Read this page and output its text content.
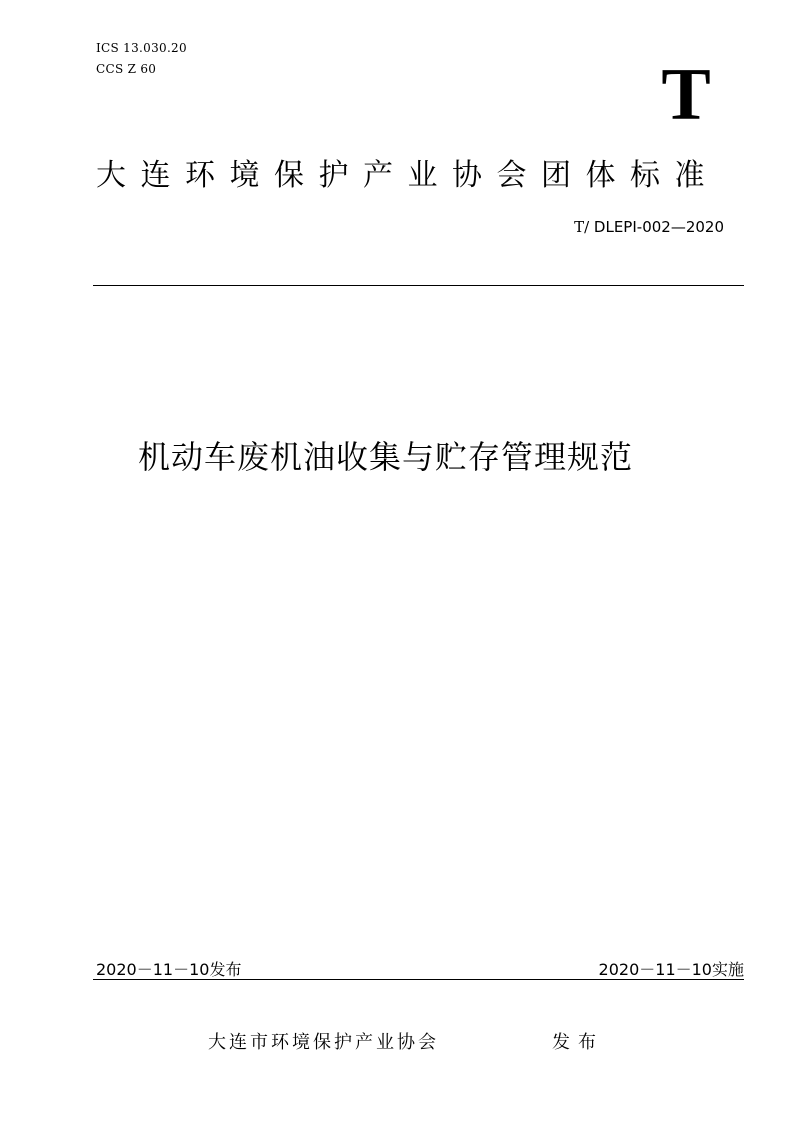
ICS 13.030.20
CCS Z 60	T
大连环境保护产业协会团体标准
T/ DLEPI-002—2020
机动车废机油收集与贮存管理规范
2020－11－10发布	2020－11－10实施
大连市环境保护产业协会	发布
